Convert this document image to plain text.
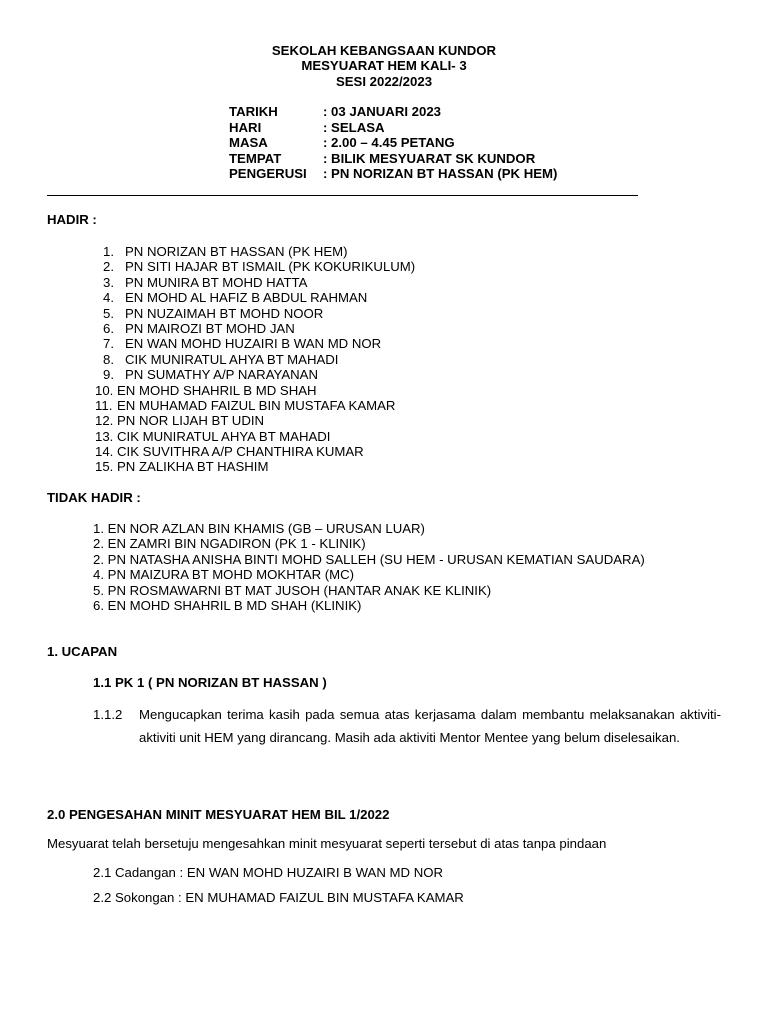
SEKOLAH KEBANGSAAN KUNDOR
MESYUARAT HEM KALI- 3
SESI 2022/2023
TARIKH	: 03 JANUARI 2023
HARI	: SELASA
MASA	: 2.00 – 4.45 PETANG
TEMPAT	: BILIK MESYUARAT SK KUNDOR
PENGERUSI : PN NORIZAN BT HASSAN (PK HEM)
HADIR :
1. PN NORIZAN BT HASSAN (PK HEM)
2. PN SITI HAJAR BT ISMAIL (PK KOKURIKULUM)
3. PN MUNIRA BT MOHD HATTA
4. EN MOHD AL HAFIZ B ABDUL RAHMAN
5. PN NUZAIMAH BT MOHD NOOR
6. PN MAIROZI BT MOHD JAN
7. EN WAN MOHD HUZAIRI B WAN MD NOR
8. CIK MUNIRATUL AHYA BT MAHADI
9. PN SUMATHY A/P NARAYANAN
10. EN MOHD SHAHRIL B MD SHAH
11. EN MUHAMAD FAIZUL BIN MUSTAFA KAMAR
12. PN NOR LIJAH BT UDIN
13. CIK MUNIRATUL AHYA BT MAHADI
14. CIK SUVITHRA A/P CHANTHIRA KUMAR
15. PN ZALIKHA BT HASHIM
TIDAK HADIR :
1. EN NOR AZLAN BIN KHAMIS (GB – URUSAN LUAR)
2. EN ZAMRI BIN NGADIRON (PK 1 - KLINIK)
2. PN NATASHA ANISHA BINTI MOHD SALLEH (SU HEM - URUSAN KEMATIAN SAUDARA)
4. PN MAIZURA BT MOHD MOKHTAR (MC)
5. PN ROSMAWARNI BT MAT JUSOH (HANTAR ANAK KE KLINIK)
6. EN MOHD SHAHRIL B MD SHAH (KLINIK)
1. UCAPAN
1.1 PK 1 ( PN NORIZAN BT HASSAN )
1.1.2 Mengucapkan terima kasih pada semua atas kerjasama dalam membantu melaksanakan aktiviti-aktiviti unit HEM yang dirancang. Masih ada aktiviti Mentor Mentee yang belum diselesaikan.
2.0 PENGESAHAN MINIT MESYUARAT HEM BIL 1/2022
Mesyuarat telah bersetuju mengesahkan minit mesyuarat seperti tersebut di atas tanpa pindaan
2.1 Cadangan : EN WAN MOHD HUZAIRI B WAN MD NOR
2.2 Sokongan : EN MUHAMAD FAIZUL BIN MUSTAFA KAMAR
